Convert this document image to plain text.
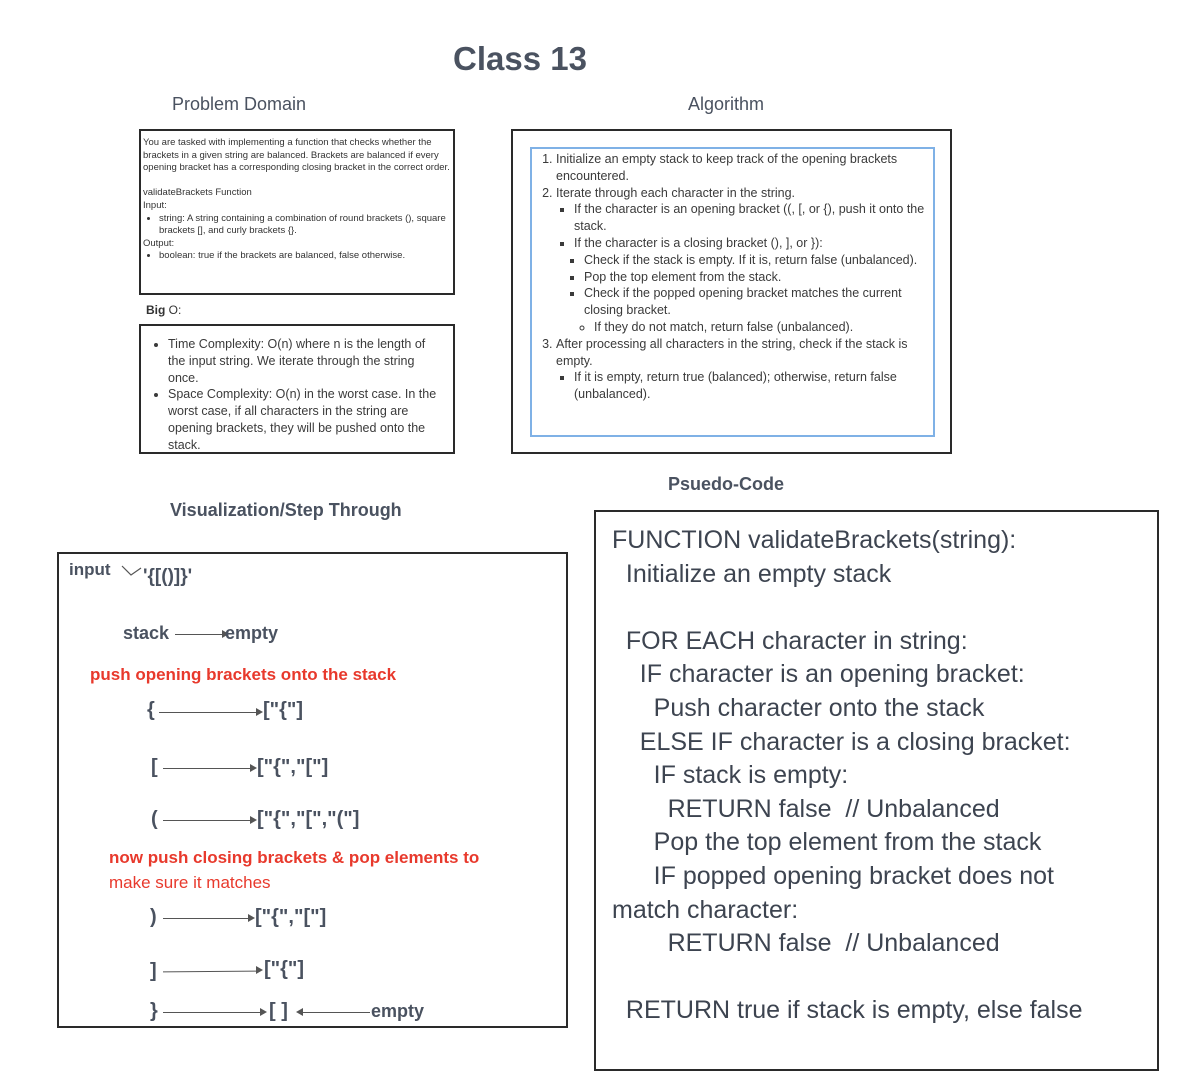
Class 13
Problem Domain

You are tasked with implementing a function that checks whether the brackets in a given string are balanced. Brackets are balanced if every opening bracket has a corresponding closing bracket in the correct order.

validateBrackets Function

Input:

• string: A string containing a combination of round brackets (), square brackets [], and curly brackets {}.

Output:

• boolean: true if the brackets are balanced, false otherwise.
Big O:
• Time Complexity: O(n) where n is the length of the input string. We iterate through the string once.
• Space Complexity: O(n) in the worst case. In the worst case, if all characters in the string are opening brackets, they will be pushed onto the stack.
Algorithm
1. Initialize an empty stack to keep track of the opening brackets encountered.
2. Iterate through each character in the string.
▪ If the character is an opening bracket ((, [, or {), push it onto the stack.
▪ If the character is a closing bracket (), ], or }):
▪ Check if the stack is empty. If it is, return false (unbalanced).
▪ Pop the top element from the stack.
▪ Check if the popped opening bracket matches the current closing bracket.
◦ If they do not match, return false (unbalanced).
3. After processing all characters in the string, check if the stack is empty.
▪ If it is empty, return true (balanced); otherwise, return false (unbalanced).
Visualization/Step Through
input '{[()]}'
stack	empty
push opening brackets onto the stack
{	["{"]
[	["{","["]
(	["{","[","("]
now push closing brackets & pop elements to
make sure it matches
)	["{","["]
]	["{"]
}	[ ]	empty
Psuedo-Code
FUNCTION validateBrackets(string):
Initialize an empty stack

FOR EACH character in string:
IF character is an opening bracket:
Push character onto the stack
ELSE IF character is a closing bracket:
IF stack is empty:
RETURN false  // Unbalanced
Pop the top element from the stack
IF popped opening bracket does not
match character:
RETURN false  // Unbalanced

RETURN true if stack is empty, else false
